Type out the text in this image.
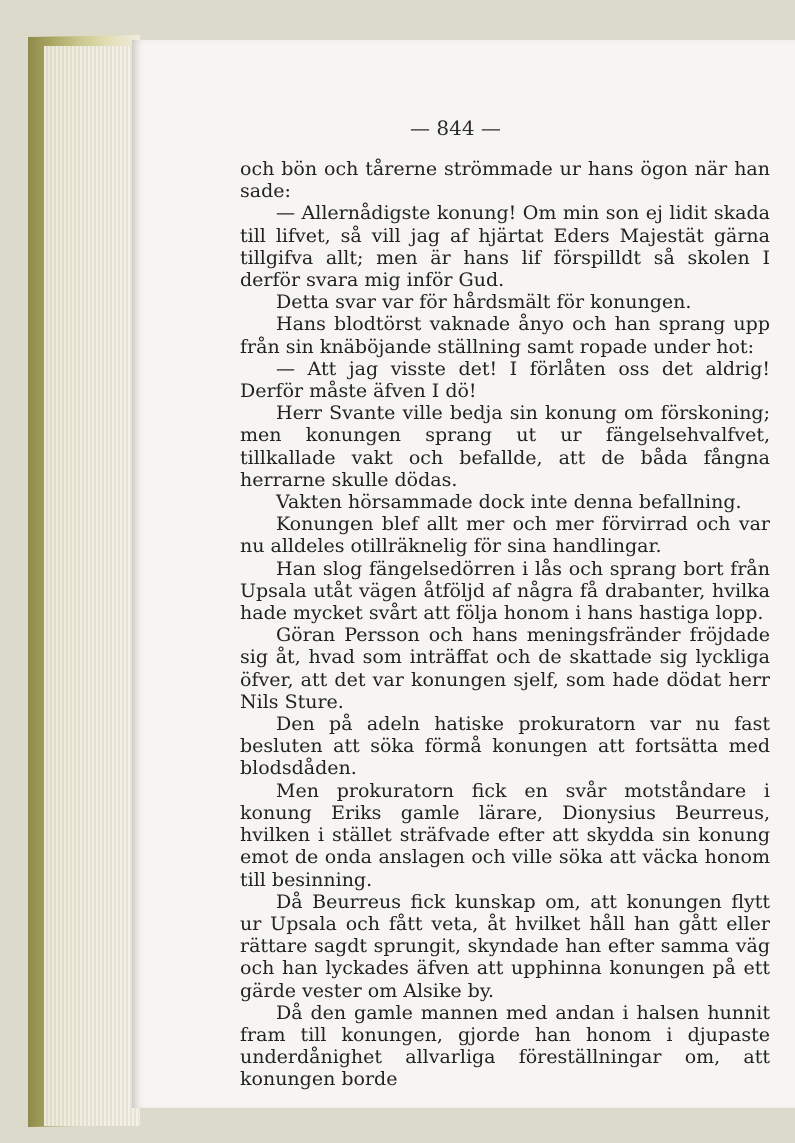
— 844 —

och bön och tårerne strömmade ur hans ögon när han sade:

— Allernådigste konung! Om min son ej lidit skada till lifvet, så vill jag af hjärtat Eders Majestät gärna tillgifva allt; men är hans lif förspilldt så skolen I derför svara mig inför Gud.

Detta svar var för hårdsmält för konungen.

Hans blodtörst vaknade ånyo och han sprang upp från sin knäböjande ställning samt ropade under hot:

— Att jag visste det! I förlåten oss det aldrig! Derför måste äfven I dö!

Herr Svante ville bedja sin konung om förskoning; men konungen sprang ut ur fängelsehvalfvet, tillkallade vakt och befallde, att de båda fångna herrarne skulle dödas.

Vakten hörsammade dock inte denna befallning.

Konungen blef allt mer och mer förvirrad och var nu alldeles otillräknelig för sina handlingar.

Han slog fängelsedörren i lås och sprang bort från Upsala utåt vägen åtföljd af några få drabanter, hvilka hade mycket svårt att följa honom i hans hastiga lopp.

Göran Persson och hans meningsfränder fröjdade sig åt, hvad som inträffat och de skattade sig lyckliga öfver, att det var konungen sjelf, som hade dödat herr Nils Sture.

Den på adeln hatiske prokuratorn var nu fast besluten att söka förmå konungen att fortsätta med blodsdåden.

Men prokuratorn fick en svår motståndare i konung Eriks gamle lärare, Dionysius Beurreus, hvilken i stället sträfvade efter att skydda sin konung emot de onda anslagen och ville söka att väcka honom till besinning.

Då Beurreus fick kunskap om, att konungen flytt ur Upsala och fått veta, åt hvilket håll han gått eller rättare sagdt sprungit, skyndade han efter samma väg och han lyckades äfven att upphinna konungen på ett gärde vester om Alsike by.

Då den gamle mannen med andan i halsen hunnit fram till konungen, gjorde han honom i djupaste underdånighet allvarliga föreställningar om, att konungen borde
